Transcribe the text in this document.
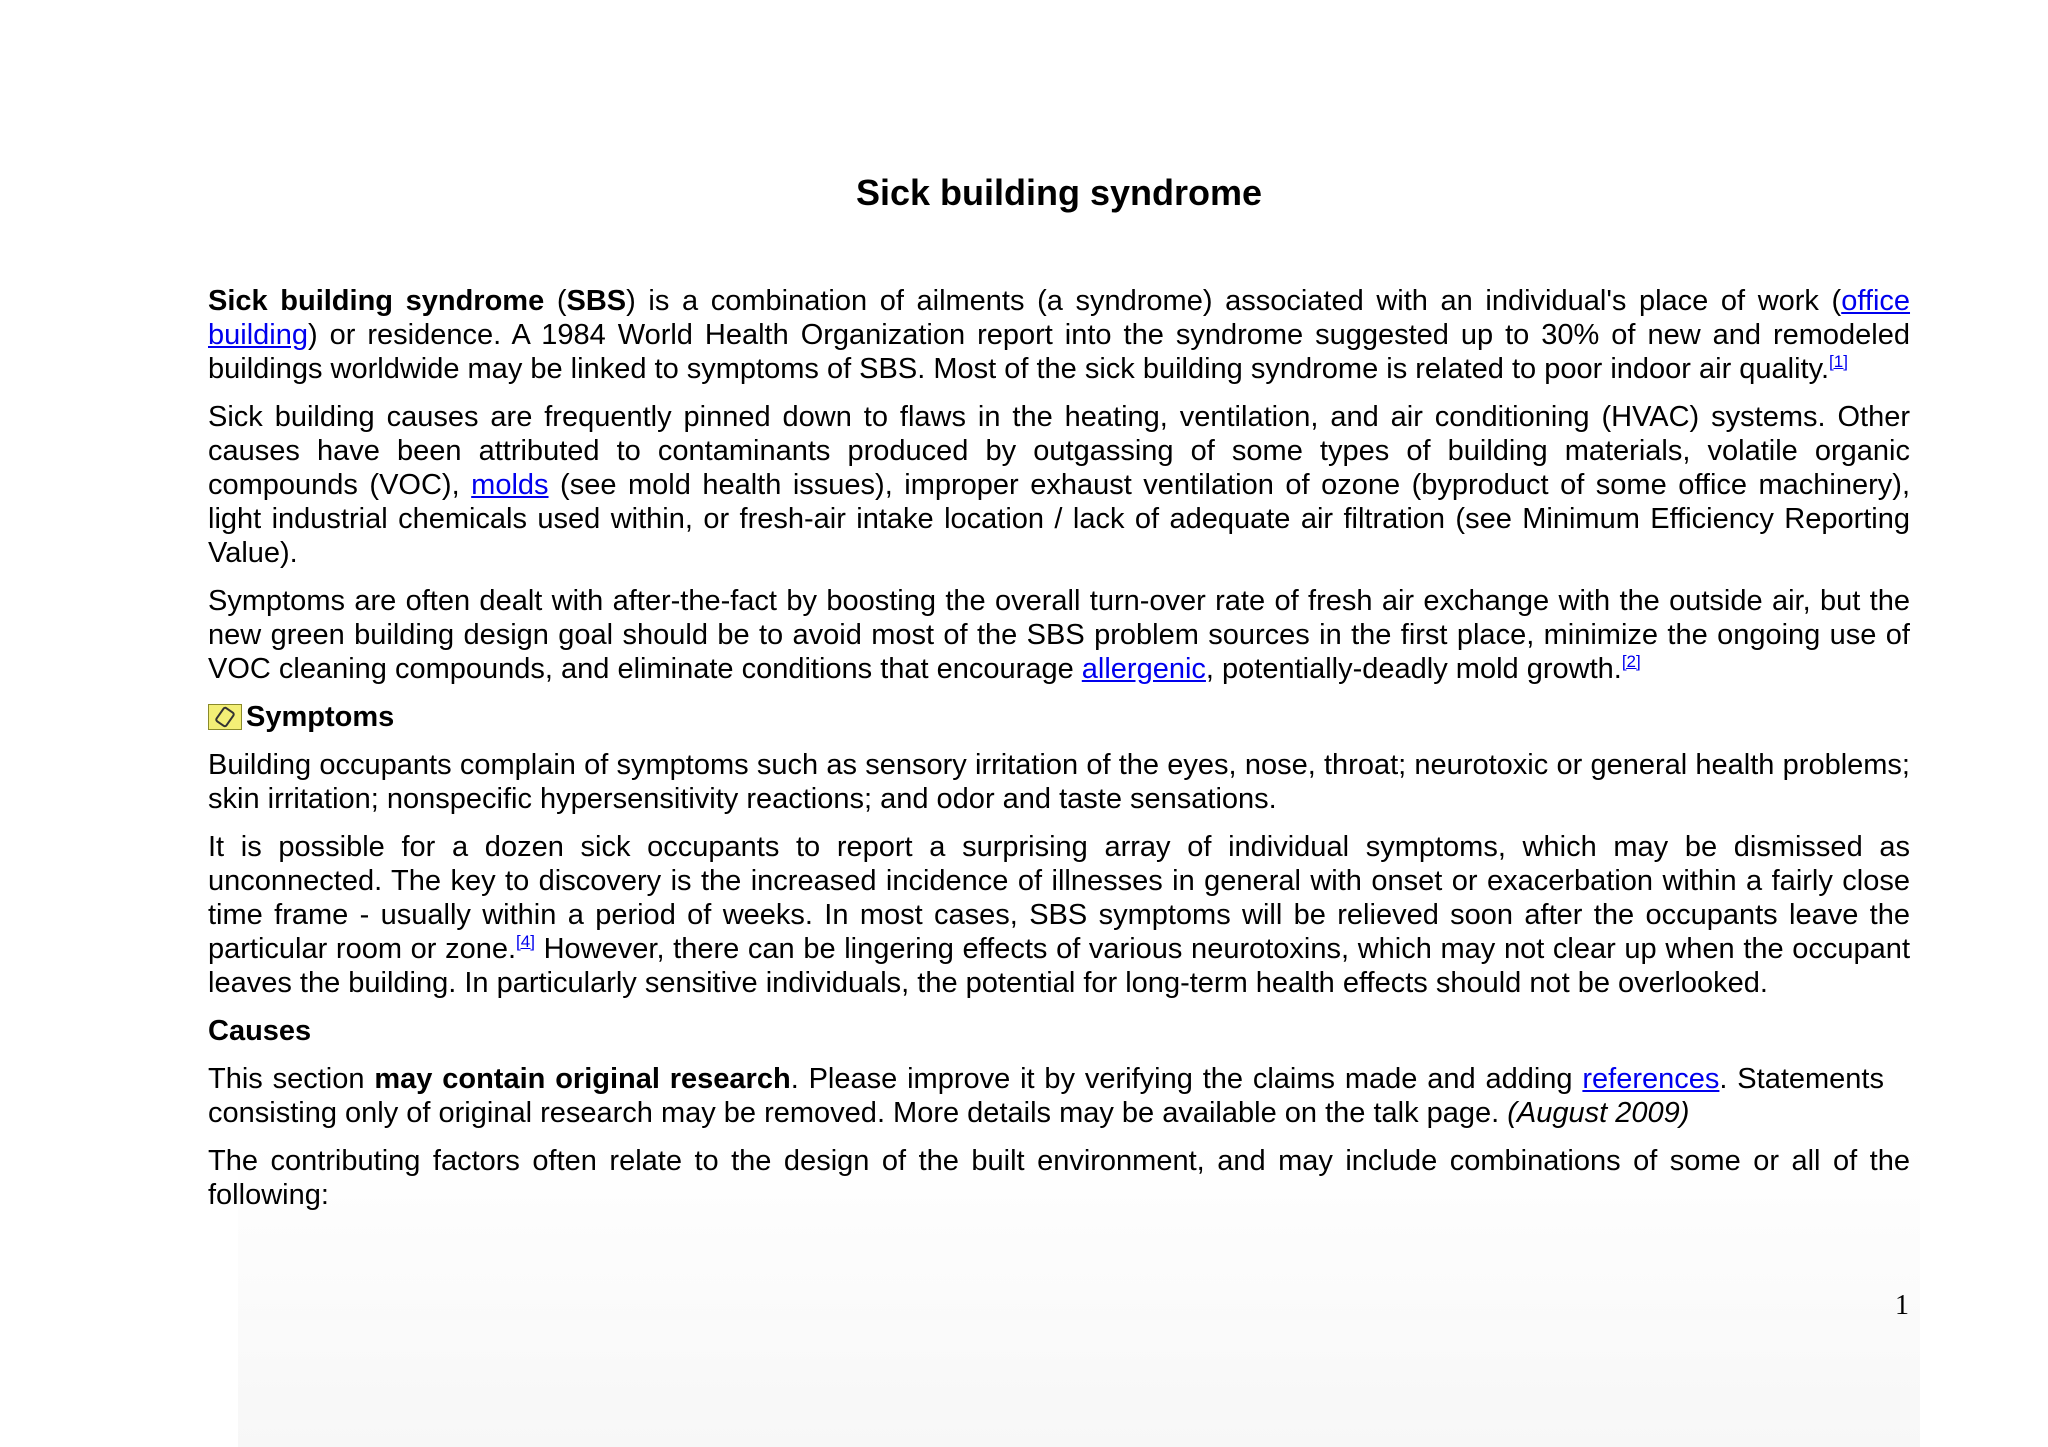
Sick building syndrome

Sick building syndrome (SBS) is a combination of ailments (a syndrome) associated with an individual's place of work (office building) or residence. A 1984 World Health Organization report into the syndrome suggested up to 30% of new and remodeled buildings worldwide may be linked to symptoms of SBS. Most of the sick building syndrome is related to poor indoor air quality.[1]

Sick building causes are frequently pinned down to flaws in the heating, ventilation, and air conditioning (HVAC) systems. Other causes have been attributed to contaminants produced by outgassing of some types of building materials, volatile organic compounds (VOC), molds (see mold health issues), improper exhaust ventilation of ozone (byproduct of some office machinery), light industrial chemicals used within, or fresh-air intake location / lack of adequate air filtration (see Minimum Efficiency Reporting Value).

Symptoms are often dealt with after-the-fact by boosting the overall turn-over rate of fresh air exchange with the outside air, but the new green building design goal should be to avoid most of the SBS problem sources in the first place, minimize the ongoing use of VOC cleaning compounds, and eliminate conditions that encourage allergenic, potentially-deadly mold growth.[2]

Symptoms

Building occupants complain of symptoms such as sensory irritation of the eyes, nose, throat; neurotoxic or general health problems; skin irritation; nonspecific hypersensitivity reactions; and odor and taste sensations.

It is possible for a dozen sick occupants to report a surprising array of individual symptoms, which may be dismissed as unconnected. The key to discovery is the increased incidence of illnesses in general with onset or exacerbation within a fairly close time frame - usually within a period of weeks. In most cases, SBS symptoms will be relieved soon after the occupants leave the particular room or zone.[4] However, there can be lingering effects of various neurotoxins, which may not clear up when the occupant leaves the building. In particularly sensitive individuals, the potential for long-term health effects should not be overlooked.

Causes

This section may contain original research. Please improve it by verifying the claims made and adding references. Statements consisting only of original research may be removed. More details may be available on the talk page. (August 2009)

The contributing factors often relate to the design of the built environment, and may include combinations of some or all of the following:

1
